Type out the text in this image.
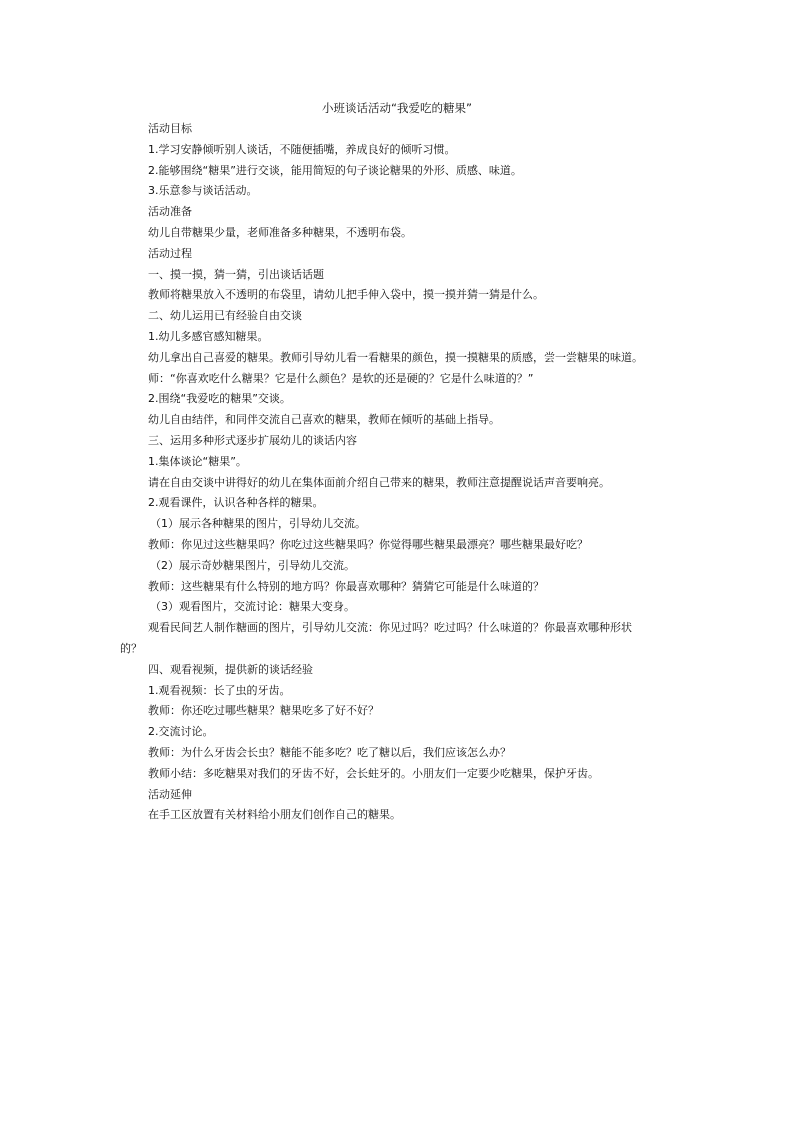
小班谈话活动“我爱吃的糖果”
活动目标
1.学习安静倾听别人谈话，不随便插嘴，养成良好的倾听习惯。
2.能够围绕“糖果”进行交谈，能用简短的句子谈论糖果的外形、质感、味道。
3.乐意参与谈话活动。
活动准备
幼儿自带糖果少量，老师准备多种糖果，不透明布袋。
活动过程
一、摸一摸，猜一猜，引出谈话话题
教师将糖果放入不透明的布袋里，请幼儿把手伸入袋中，摸一摸并猜一猜是什么。
二、幼儿运用已有经验自由交谈
1.幼儿多感官感知糖果。
幼儿拿出自己喜爱的糖果。教师引导幼儿看一看糖果的颜色，摸一摸糖果的质感，尝一尝糖果的味道。
师：“你喜欢吃什么糖果？它是什么颜色？是软的还是硬的？它是什么味道的？”
2.围绕“我爱吃的糖果”交谈。
幼儿自由结伴，和同伴交流自己喜欢的糖果，教师在倾听的基础上指导。
三、运用多种形式逐步扩展幼儿的谈话内容
1.集体谈论“糖果”。
请在自由交谈中讲得好的幼儿在集体面前介绍自己带来的糖果，教师注意提醒说话声音要响亮。
2.观看课件，认识各种各样的糖果。
（1）展示各种糖果的图片，引导幼儿交流。
教师：你见过这些糖果吗？你吃过这些糖果吗？你觉得哪些糖果最漂亮？哪些糖果最好吃？
（2）展示奇妙糖果图片，引导幼儿交流。
教师：这些糖果有什么特别的地方吗？你最喜欢哪种？猜猜它可能是什么味道的？
（3）观看图片，交流讨论：糖果大变身。
观看民间艺人制作糖画的图片，引导幼儿交流：你见过吗？吃过吗？什么味道的？你最喜欢哪种形状
的？
四、观看视频，提供新的谈话经验
1.观看视频：长了虫的牙齿。
教师：你还吃过哪些糖果？糖果吃多了好不好？
2.交流讨论。
教师：为什么牙齿会长虫？糖能不能多吃？吃了糖以后，我们应该怎么办？
教师小结：多吃糖果对我们的牙齿不好，会长蛀牙的。小朋友们一定要少吃糖果，保护牙齿。
活动延伸
在手工区放置有关材料给小朋友们创作自己的糖果。
